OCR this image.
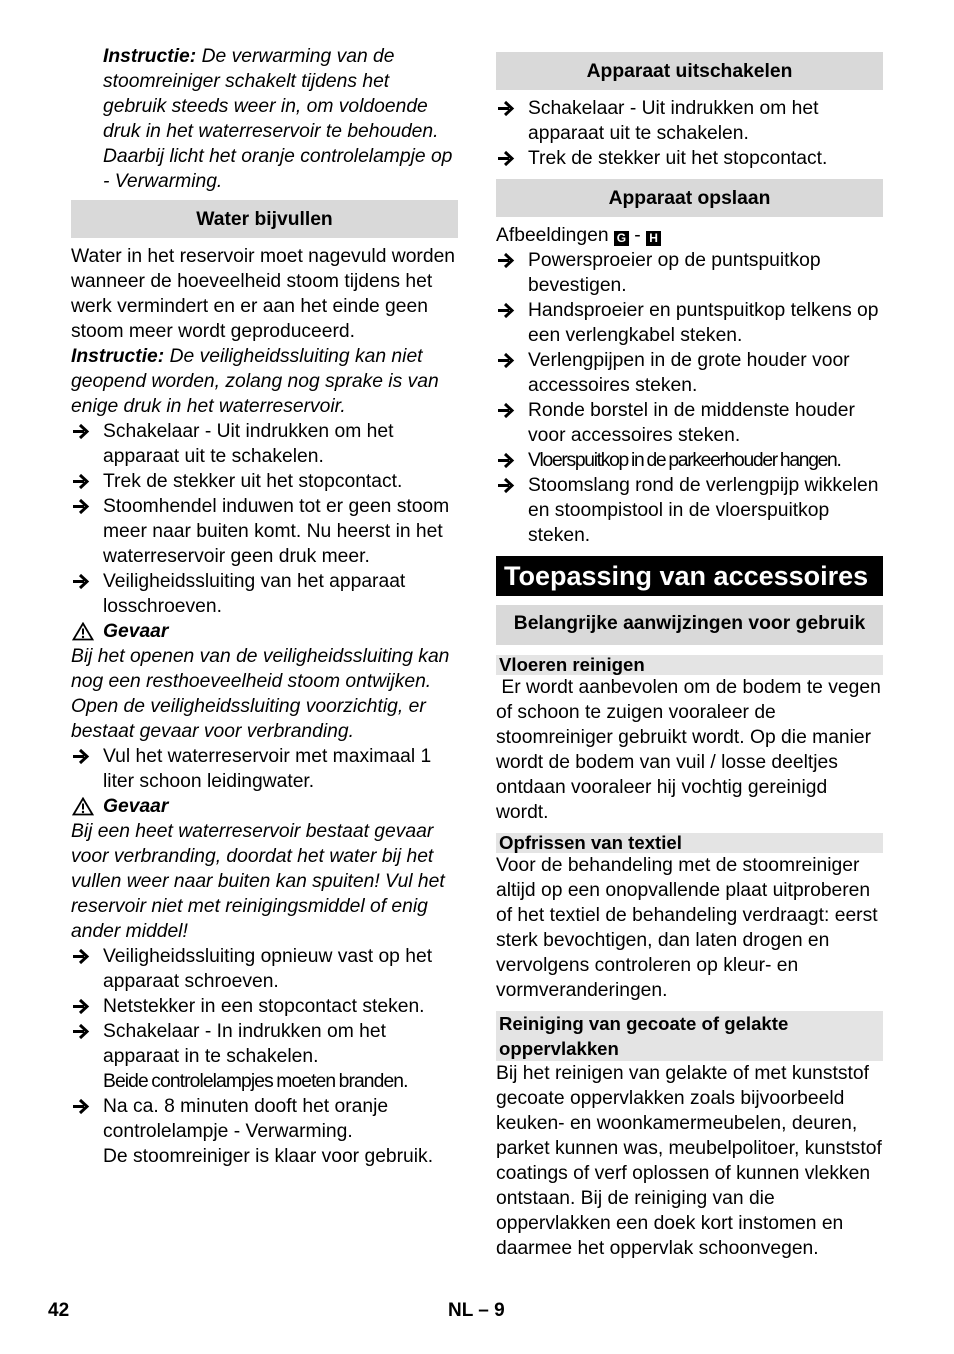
Instructie: De verwarming van de stoomreiniger schakelt tijdens het gebruik steeds weer in, om voldoende druk in het waterreservoir te behouden. Daarbij licht het oranje controlelampje op - Verwarming.

Water bijvullen

Water in het reservoir moet nagevuld worden wanneer de hoeveelheid stoom tijdens het werk vermindert en er aan het einde geen stoom meer wordt geproduceerd.

Instructie: De veiligheidssluiting kan niet geopend worden, zolang nog sprake is van enige druk in het waterreservoir.

Schakelaar - Uit indrukken om het apparaat uit te schakelen.
Trek de stekker uit het stopcontact.
Stoomhendel induwen tot er geen stoom meer naar buiten komt. Nu heerst in het waterreservoir geen druk meer.
Veiligheidssluiting van het apparaat losschroeven.
Gevaar

Bij het openen van de veiligheidssluiting kan nog een resthoeveelheid stoom ontwijken. Open de veiligheidssluiting voorzichtig, er bestaat gevaar voor verbranding.

Vul het waterreservoir met maximaal 1 liter schoon leidingwater.
Gevaar

Bij een heet waterreservoir bestaat gevaar voor verbranding, doordat het water bij het vullen weer naar buiten kan spuiten! Vul het reservoir niet met reinigingsmiddel of enig ander middel!

Veiligheidssluiting opnieuw vast op het apparaat schroeven.
Netstekker in een stopcontact steken.
Schakelaar - In indrukken om het apparaat in te schakelen.

Beide controlelampjes moeten branden.

Na ca. 8 minuten dooft het oranje controlelampje - Verwarming.

De stoomreiniger is klaar voor gebruik.

Apparaat uitschakelen
Schakelaar - Uit indrukken om het apparaat uit te schakelen.
Trek de stekker uit het stopcontact.
Apparaat opslaan

Afbeeldingen G - H

Powersproeier op de puntspuitkop bevestigen.
Handsproeier en puntspuitkop telkens op een verlengkabel steken.
Verlengpijpen in de grote houder voor accessoires steken.
Ronde borstel in de middenste houder voor accessoires steken.
Vloerspuitkop in de parkeerhouder hangen.
Stoomslang rond de verlengpijp wikkelen en stoompistool in de vloerspuitkop steken.
Toepassing van accessoires
Belangrijke aanwijzingen voor gebruik
Vloeren reinigen

Er wordt aanbevolen om de bodem te vegen of schoon te zuigen vooraleer de stoomreiniger gebruikt wordt. Op die manier wordt de bodem van vuil / losse deeltjes ontdaan vooraleer hij vochtig gereinigd wordt.

Opfrissen van textiel

Voor de behandeling met de stoomreiniger altijd op een onopvallende plaat uitproberen of het textiel de behandeling verdraagt: eerst sterk bevochtigen, dan laten drogen en vervolgens controleren op kleur- en vormveranderingen.

Reiniging van gecoate of gelakte oppervlakken

Bij het reinigen van gelakte of met kunststof gecoate oppervlakken zoals bijvoorbeeld keuken- en woonkamermeubelen, deuren, parket kunnen was, meubelpolitoer, kunststof coatings of verf oplossen of kunnen vlekken ontstaan. Bij de reiniging van die oppervlakken een doek kort instomen en daarmee het oppervlak schoonvegen.

42	NL – 9
